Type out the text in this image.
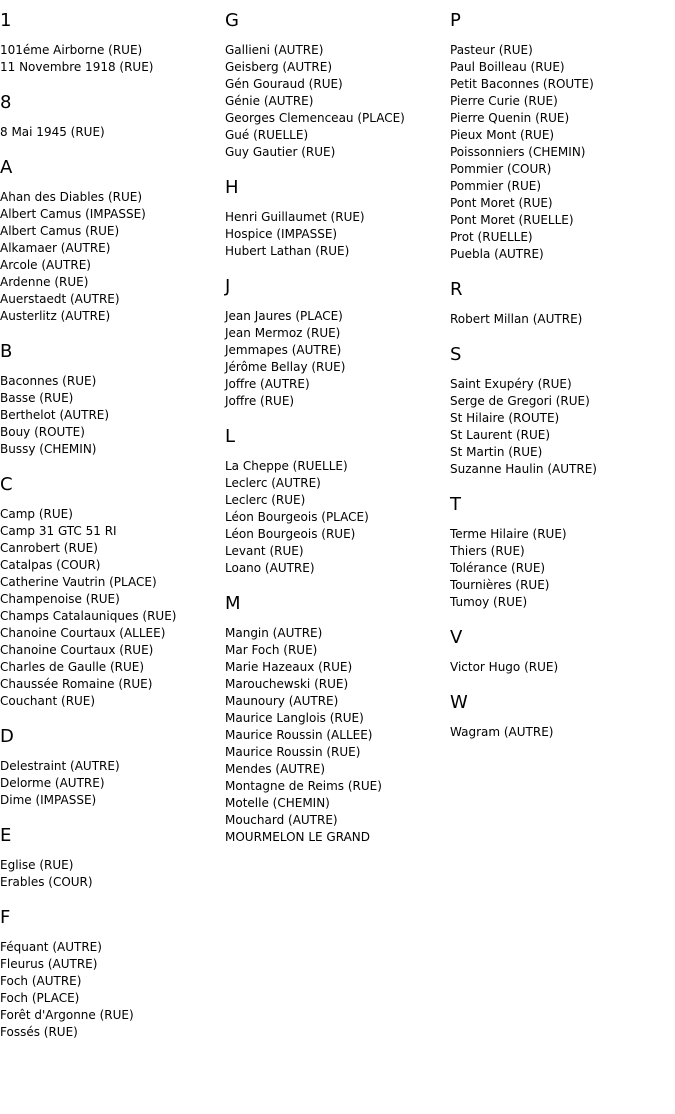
1
101éme Airborne (RUE)
11 Novembre 1918 (RUE)
8
8 Mai 1945 (RUE)
A
Ahan des Diables (RUE)
Albert Camus (IMPASSE)
Albert Camus (RUE)
Alkamaer (AUTRE)
Arcole (AUTRE)
Ardenne (RUE)
Auerstaedt (AUTRE)
Austerlitz (AUTRE)
B
Baconnes (RUE)
Basse (RUE)
Berthelot (AUTRE)
Bouy (ROUTE)
Bussy (CHEMIN)
C
Camp (RUE)
Camp 31 GTC 51 RI
Canrobert (RUE)
Catalpas (COUR)
Catherine Vautrin (PLACE)
Champenoise (RUE)
Champs Catalauniques (RUE)
Chanoine Courtaux (ALLEE)
Chanoine Courtaux (RUE)
Charles de Gaulle (RUE)
Chaussée Romaine (RUE)
Couchant (RUE)
D
Delestraint (AUTRE)
Delorme (AUTRE)
Dime (IMPASSE)
E
Eglise (RUE)
Erables (COUR)
F
Féquant (AUTRE)
Fleurus (AUTRE)
Foch (AUTRE)
Foch (PLACE)
Forêt d'Argonne (RUE)
Fossés (RUE)
G
Gallieni (AUTRE)
Geisberg (AUTRE)
Gén Gouraud (RUE)
Génie (AUTRE)
Georges Clemenceau (PLACE)
Gué (RUELLE)
Guy Gautier (RUE)
H
Henri Guillaumet (RUE)
Hospice (IMPASSE)
Hubert Lathan (RUE)
J
Jean Jaures (PLACE)
Jean Mermoz (RUE)
Jemmapes (AUTRE)
Jérôme Bellay (RUE)
Joffre (AUTRE)
Joffre (RUE)
L
La Cheppe (RUELLE)
Leclerc (AUTRE)
Leclerc (RUE)
Léon Bourgeois (PLACE)
Léon Bourgeois (RUE)
Levant (RUE)
Loano (AUTRE)
M
Mangin (AUTRE)
Mar Foch (RUE)
Marie Hazeaux (RUE)
Marouchewski (RUE)
Maunoury (AUTRE)
Maurice Langlois (RUE)
Maurice Roussin (ALLEE)
Maurice Roussin (RUE)
Mendes (AUTRE)
Montagne de Reims (RUE)
Motelle (CHEMIN)
Mouchard (AUTRE)
MOURMELON LE GRAND
P
Pasteur (RUE)
Paul Boilleau (RUE)
Petit Baconnes (ROUTE)
Pierre Curie (RUE)
Pierre Quenin (RUE)
Pieux Mont (RUE)
Poissonniers (CHEMIN)
Pommier (COUR)
Pommier (RUE)
Pont Moret (RUE)
Pont Moret (RUELLE)
Prot (RUELLE)
Puebla (AUTRE)
R
Robert Millan (AUTRE)
S
Saint Exupéry (RUE)
Serge de Gregori (RUE)
St Hilaire (ROUTE)
St Laurent (RUE)
St Martin (RUE)
Suzanne Haulin (AUTRE)
T
Terme Hilaire (RUE)
Thiers (RUE)
Tolérance (RUE)
Tournières (RUE)
Tumoy (RUE)
V
Victor Hugo (RUE)
W
Wagram (AUTRE)
